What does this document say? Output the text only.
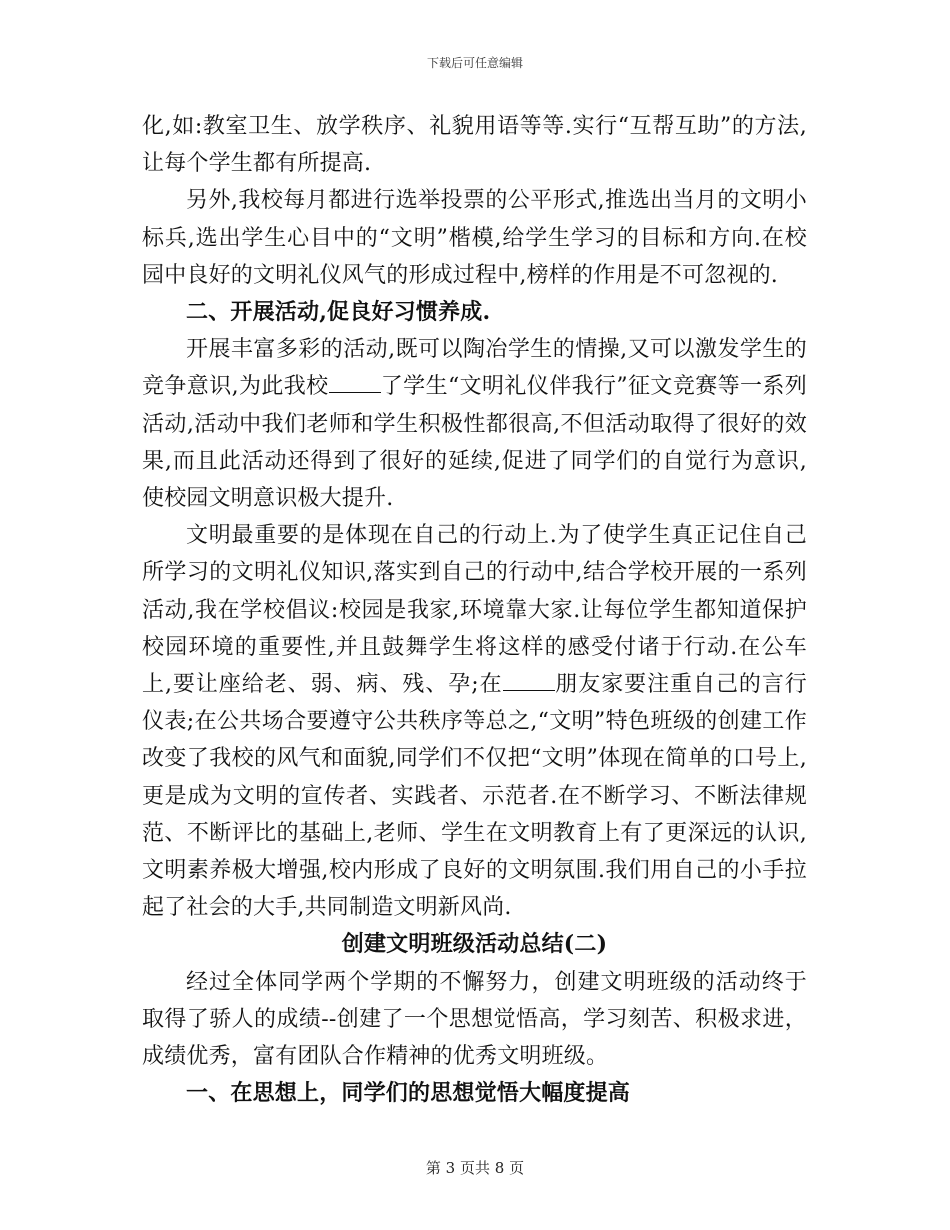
下载后可任意编辑

化,如:教室卫生、放学秩序、礼貌用语等等.实行“互帮互助”的方法,让每个学生都有所提高.

另外,我校每月都进行选举投票的公平形式,推选出当月的文明小标兵,选出学生心目中的“文明”楷模,给学生学习的目标和方向.在校园中良好的文明礼仪风气的形成过程中,榜样的作用是不可忽视的.

二、开展活动,促良好习惯养成.

开展丰富多彩的活动,既可以陶冶学生的情操,又可以激发学生的竞争意识,为此我校 了学生“文明礼仪伴我行”征文竞赛等一系列活动,活动中我们老师和学生积极性都很高,不但活动取得了很好的效果,而且此活动还得到了很好的延续,促进了同学们的自觉行为意识,使校园文明意识极大提升.

文明最重要的是体现在自己的行动上.为了使学生真正记住自己所学习的文明礼仪知识,落实到自己的行动中,结合学校开展的一系列活动,我在学校倡议:校园是我家,环境靠大家.让每位学生都知道保护校园环境的重要性,并且鼓舞学生将这样的感受付诸于行动.在公车上,要让座给老、弱、病、残、孕;在 朋友家要注重自己的言行仪表;在公共场合要遵守公共秩序等总之,“文明”特色班级的创建工作改变了我校的风气和面貌,同学们不仅把“文明”体现在简单的口号上,更是成为文明的宣传者、实践者、示范者.在不断学习、不断法律规范、不断评比的基础上,老师、学生在文明教育上有了更深远的认识,文明素养极大增强,校内形成了良好的文明氛围.我们用自己的小手拉起了社会的大手,共同制造文明新风尚.

创建文明班级活动总结(二)

经过全体同学两个学期的不懈努力，创建文明班级的活动终于取得了骄人的成绩--创建了一个思想觉悟高，学习刻苦、积极求进，成绩优秀，富有团队合作精神的优秀文明班级。

一、在思想上，同学们的思想觉悟大幅度提高

第 3 页共 8 页
